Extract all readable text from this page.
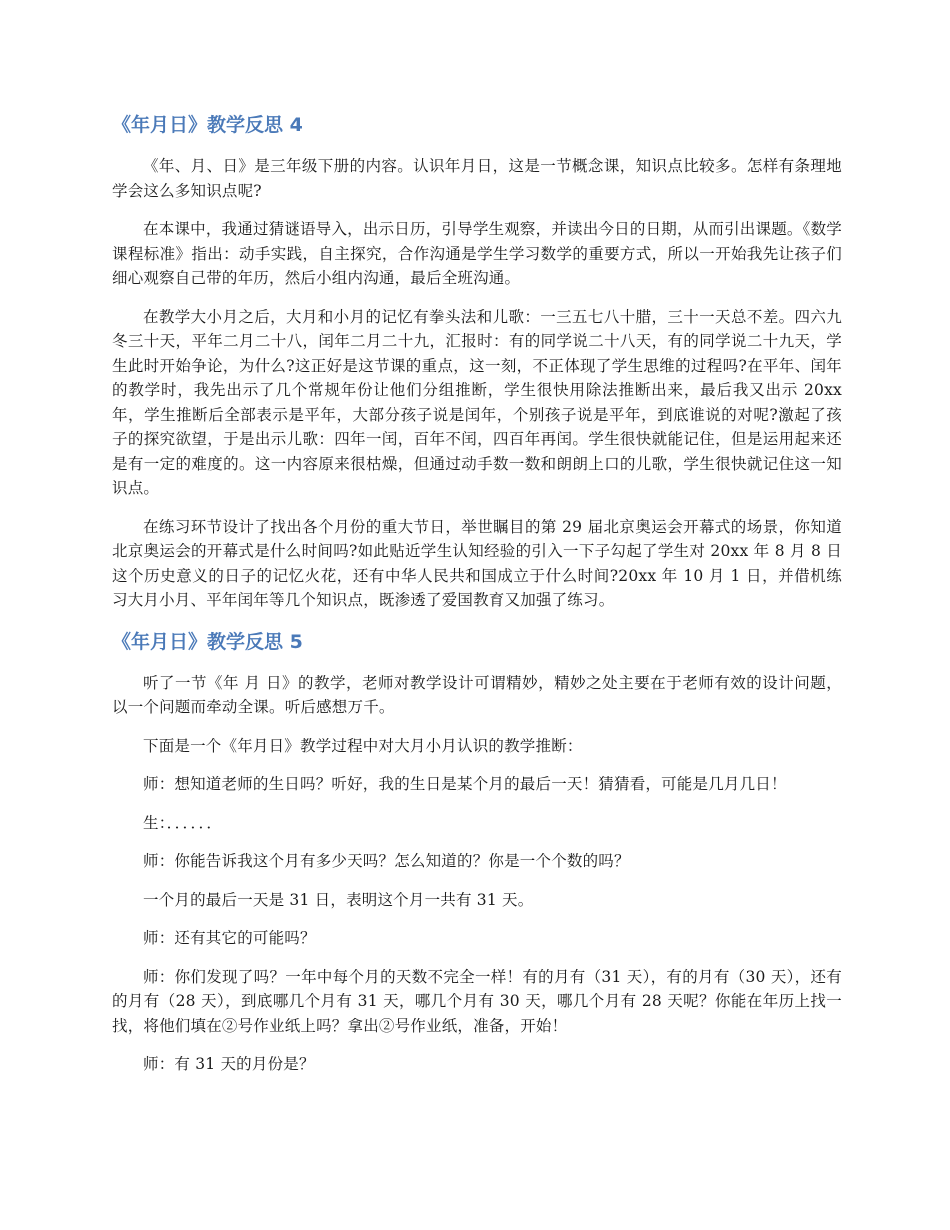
《年月日》教学反思 4

《年、月、日》是三年级下册的内容。认识年月日，这是一节概念课，知识点比较多。怎样有条理地学会这么多知识点呢?

在本课中，我通过猜谜语导入，出示日历，引导学生观察，并读出今日的日期，从而引出课题。《数学课程标准》指出：动手实践，自主探究，合作沟通是学生学习数学的重要方式，所以一开始我先让孩子们细心观察自己带的年历，然后小组内沟通，最后全班沟通。

在教学大小月之后，大月和小月的记忆有拳头法和儿歌：一三五七八十腊，三十一天总不差。四六九冬三十天，平年二月二十八，闰年二月二十九，汇报时：有的同学说二十八天，有的同学说二十九天，学生此时开始争论，为什么?这正好是这节课的重点，这一刻，不正体现了学生思维的过程吗?在平年、闰年的教学时，我先出示了几个常规年份让他们分组推断，学生很快用除法推断出来，最后我又出示 20xx 年，学生推断后全部表示是平年，大部分孩子说是闰年，个别孩子说是平年，到底谁说的对呢?激起了孩子的探究欲望，于是出示儿歌：四年一闰，百年不闰，四百年再闰。学生很快就能记住，但是运用起来还是有一定的难度的。这一内容原来很枯燥，但通过动手数一数和朗朗上口的儿歌，学生很快就记住这一知识点。

在练习环节设计了找出各个月份的重大节日，举世瞩目的第 29 届北京奥运会开幕式的场景，你知道北京奥运会的开幕式是什么时间吗?如此贴近学生认知经验的引入一下子勾起了学生对 20xx 年 8 月 8 日这个历史意义的日子的记忆火花，还有中华人民共和国成立于什么时间?20xx 年 10 月 1 日，并借机练习大月小月、平年闰年等几个知识点，既渗透了爱国教育又加强了练习。

《年月日》教学反思 5

听了一节《年 月 日》的教学，老师对教学设计可谓精妙，精妙之处主要在于老师有效的设计问题，以一个问题而牵动全课。听后感想万千。

下面是一个《年月日》教学过程中对大月小月认识的教学推断：

师：想知道老师的生日吗？听好，我的生日是某个月的最后一天！猜猜看，可能是几月几日！

生：．．．．．．

师：你能告诉我这个月有多少天吗？怎么知道的？你是一个个数的吗？

一个月的最后一天是 31 日，表明这个月一共有 31 天。

师：还有其它的可能吗？

师：你们发现了吗？一年中每个月的天数不完全一样！有的月有（31 天），有的月有（30 天），还有的月有（28 天），到底哪几个月有 31 天，哪几个月有 30 天，哪几个月有 28 天呢？你能在年历上找一找，将他们填在②号作业纸上吗？拿出②号作业纸，准备，开始！

师：有 31 天的月份是？
